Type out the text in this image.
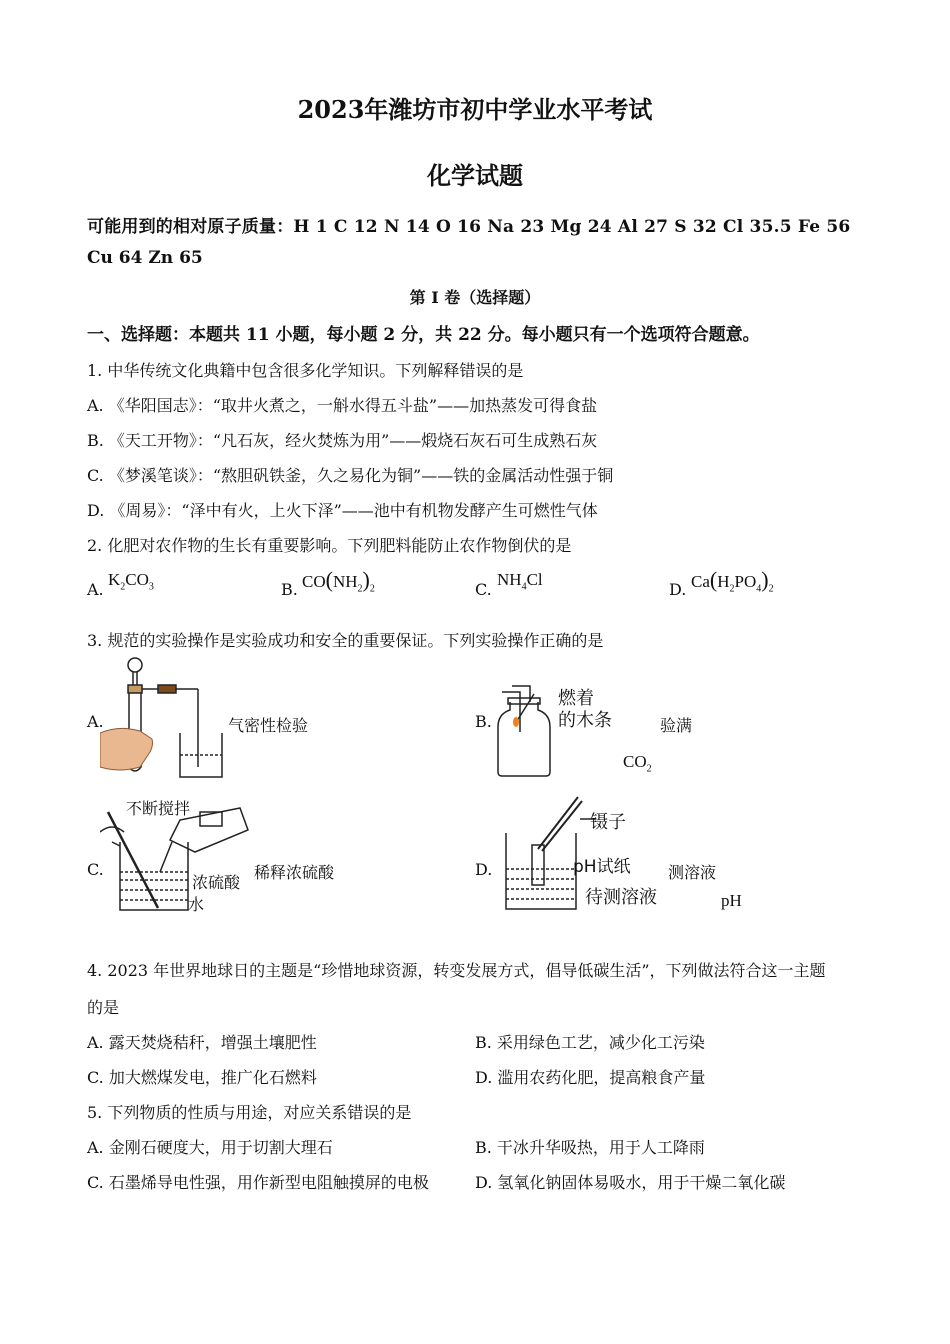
2023年潍坊市初中学业水平考试
化学试题
可能用到的相对原子质量：H 1 C 12 N 14 O 16 Na 23 Mg 24 Al 27 S 32 Cl 35.5 Fe 56
Cu 64 Zn 65
第 I 卷（选择题）
一、选择题：本题共 11 小题，每小题 2 分，共 22 分。每小题只有一个选项符合题意。
1. 中华传统文化典籍中包含很多化学知识。下列解释错误的是
A. 《华阳国志》：“取井火煮之，一斛水得五斗盐”——加热蒸发可得食盐
B. 《天工开物》：“凡石灰，经火焚炼为用”——煅烧石灰石可生成熟石灰
C. 《梦溪笔谈》：“熬胆矾铁釜，久之易化为铜”——铁的金属活动性强于铜
D. 《周易》：“泽中有火，上火下泽”——池中有机物发酵产生可燃性气体
2. 化肥对农作物的生长有重要影响。下列肥料能防止农作物倒伏的是
A.
$K_2CO_3$	B. $CO(NH_2)_2$	C.
$NH_4Cl$
D. $Ca(H_2PO_4)_2$
3. 规范的实验操作是实验成功和安全的重要保证。下列实验操作正确的是
A.	气密性检验	B.
燃着
的木条	验满
$CO_2$
C.
不断搅拌
浓硫酸
水
稀释浓硫酸	D.
镊子
pH试纸
待测溶液
测溶液
pH
4. 2023 年世界地球日的主题是“珍惜地球资源，转变发展方式，倡导低碳生活”，下列做法符合这一主题
的是
A. 露天焚烧秸秆，增强土壤肥性	B. 采用绿色工艺，减少化工污染
C. 加大燃煤发电，推广化石燃料	D. 滥用农药化肥，提高粮食产量
5. 下列物质的性质与用途，对应关系错误的是
A. 金刚石硬度大，用于切割大理石	B. 干冰升华吸热，用于人工降雨
C. 石墨烯导电性强，用作新型电阻触摸屏的电极	D. 氢氧化钠固体易吸水，用于干燥二氧化碳
